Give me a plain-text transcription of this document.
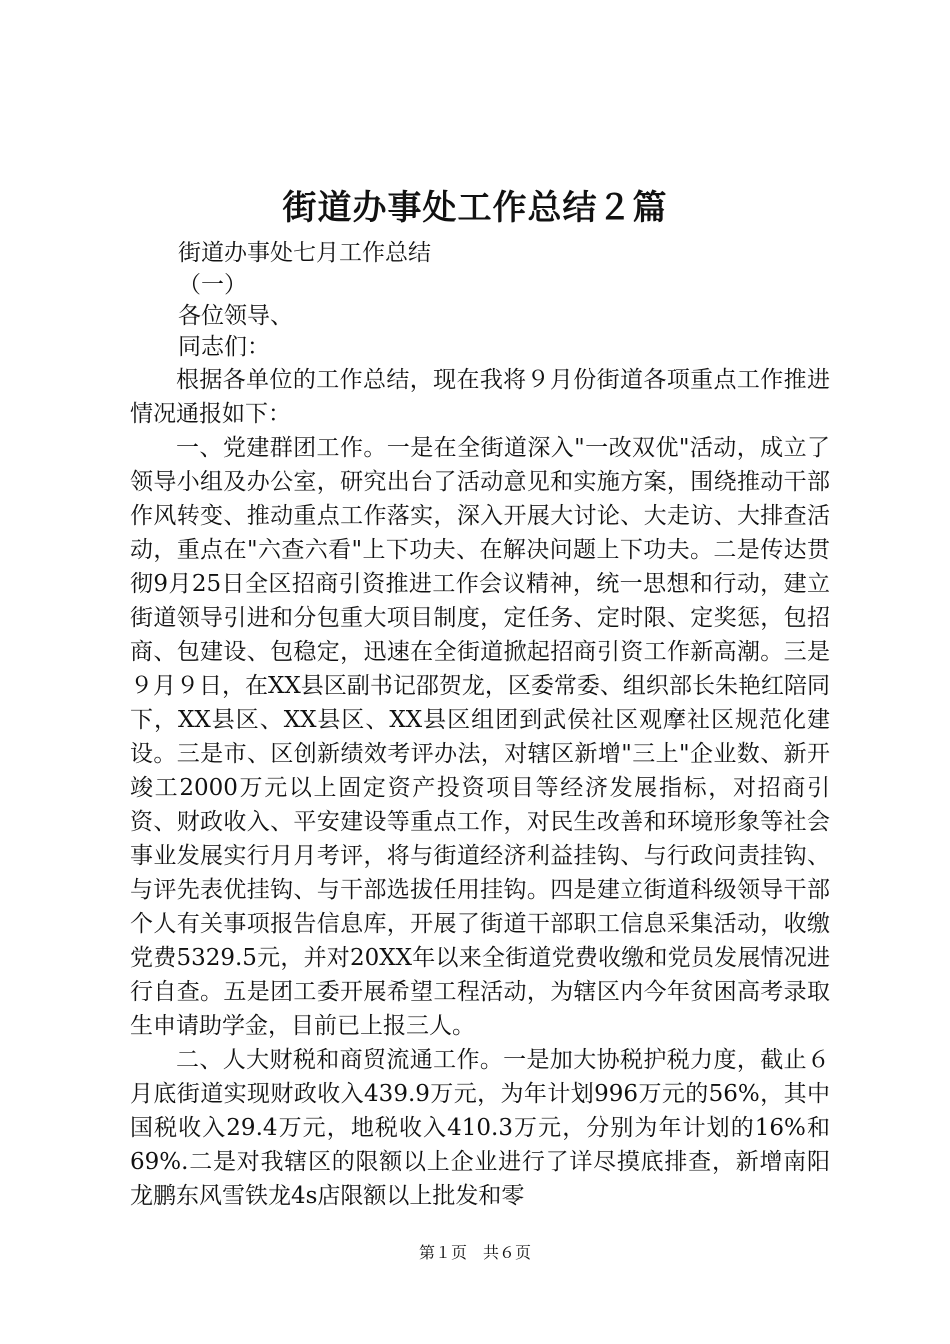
街道办事处工作总结２篇
街道办事处七月工作总结
（一）
各位领导、
同志们：

根据各单位的工作总结，现在我将９月份街道各项重点工作推进情况通报如下：

一、党建群团工作。一是在全街道深入"一改双优"活动，成立了领导小组及办公室，研究出台了活动意见和实施方案，围绕推动干部作风转变、推动重点工作落实，深入开展大讨论、大走访、大排查活动，重点在"六查六看"上下功夫、在解决问题上下功夫。二是传达贯彻9月25日全区招商引资推进工作会议精神，统一思想和行动，建立街道领导引进和分包重大项目制度，定任务、定时限、定奖惩，包招商、包建设、包稳定，迅速在全街道掀起招商引资工作新高潮。三是９月９日，在XX县区副书记邵贺龙，区委常委、组织部长朱艳红陪同下，XX县区、XX县区、XX县区组团到武侯社区观摩社区规范化建设。三是市、区创新绩效考评办法，对辖区新增"三上"企业数、新开竣工2000万元以上固定资产投资项目等经济发展指标，对招商引资、财政收入、平安建设等重点工作，对民生改善和环境形象等社会事业发展实行月月考评，将与街道经济利益挂钩、与行政问责挂钩、与评先表优挂钩、与干部选拔任用挂钩。四是建立街道科级领导干部个人有关事项报告信息库，开展了街道干部职工信息采集活动，收缴党费5329.5元，并对20XX年以来全街道党费收缴和党员发展情况进行自查。五是团工委开展希望工程活动，为辖区内今年贫困高考录取生申请助学金，目前已上报三人。

二、人大财税和商贸流通工作。一是加大协税护税力度，截止６月底街道实现财政收入439.9万元，为年计划996万元的56%，其中国税收入29.4万元，地税收入410.3万元，分别为年计划的16%和69%.二是对我辖区的限额以上企业进行了详尽摸底排查，新增南阳龙鹏东风雪铁龙4s店限额以上批发和零

第１页　共６页
